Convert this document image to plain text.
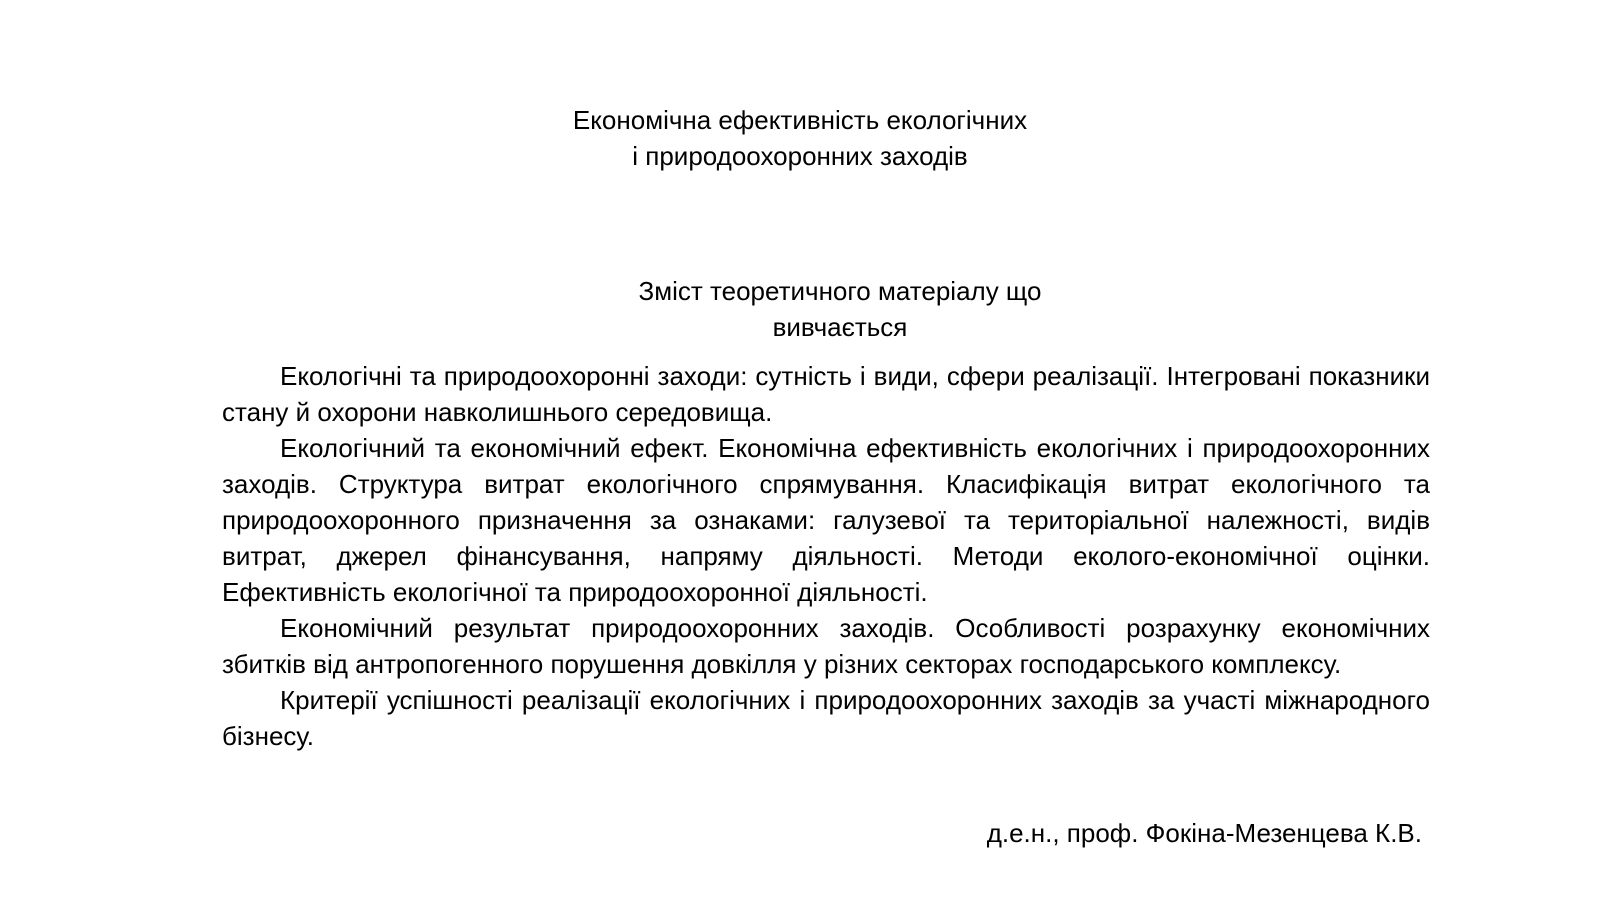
Економічна ефективність екологічних
і природоохоронних заходів
Зміст теоретичного матеріалу що
вивчається

Екологічні та природоохоронні заходи: сутність і види, сфери реалізації. Інтегровані показники стану й охорони навколишнього середовища.

Екологічний та економічний ефект. Економічна ефективність екологічних і природоохоронних заходів. Структура витрат екологічного спрямування. Класифікація витрат екологічного та природоохоронного призначення за ознаками: галузевої та територіальної належності, видів витрат, джерел фінансування, напряму діяльності. Методи еколого-економічної оцінки. Ефективність екологічної та природоохоронної діяльності.

Економічний результат природоохоронних заходів. Особливості розрахунку економічних збитків від антропогенного порушення довкілля у різних секторах господарського комплексу.

Критерії успішності реалізації екологічних і природоохоронних заходів за участі міжнародного бізнесу.

д.е.н., проф. Фокіна-Мезенцева К.В.
